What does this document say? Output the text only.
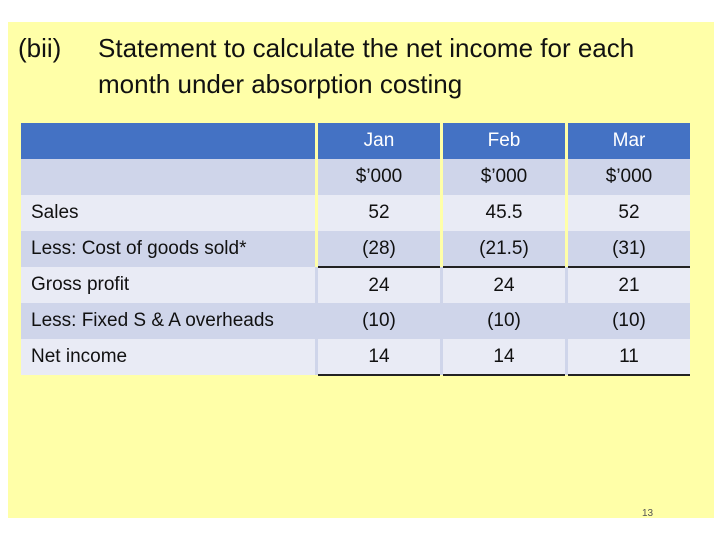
(bii) Statement to calculate the net income for each
month under absorption costing
		Jan		Feb		Mar
		$’000		$’000		$’000
Sales		52		45.5		52
Less: Cost of goods sold*		(28)		(21.5)		(31)
Gross profit		24		24		21
Less: Fixed S & A overheads		(10)		(10)		(10)
Net income		14		14		11
13
